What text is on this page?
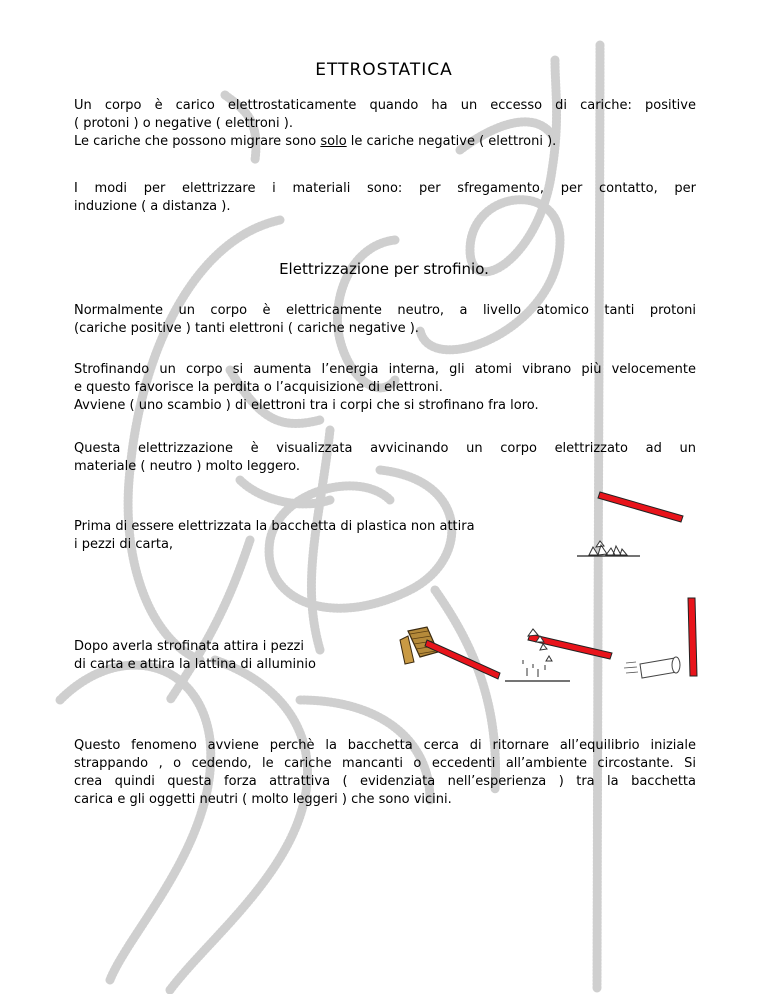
ETTROSTATICA

Un corpo è carico elettrostaticamente quando ha un eccesso di cariche: positive
( protoni ) o negative ( elettroni ).
Le cariche che possono migrare sono solo le cariche negative ( elettroni ).

I modi per elettrizzare i materiali sono: per sfregamento, per contatto, per
induzione ( a distanza ).

Elettrizzazione per strofinio.

Normalmente un corpo è elettricamente neutro, a livello atomico tanti protoni
(cariche positive ) tanti elettroni ( cariche negative ).

Strofinando un corpo si aumenta l’energia interna, gli atomi vibrano più velocemente
e questo favorisce la perdita o l’acquisizione di elettroni.
Avviene ( uno scambio ) di elettroni tra i corpi che si strofinano fra loro.

Questa elettrizzazione è visualizzata avvicinando un corpo elettrizzato ad un
materiale ( neutro ) molto leggero.

Prima di essere elettrizzata la bacchetta di plastica non attira
i pezzi di carta,

Dopo averla strofinata attira i pezzi
di carta e attira la lattina di alluminio

Questo fenomeno avviene perchè la bacchetta cerca di ritornare all’equilibrio iniziale
strappando , o cedendo, le cariche mancanti o eccedenti all’ambiente circostante. Si
crea quindi questa forza attrattiva ( evidenziata nell’esperienza ) tra la bacchetta
carica e gli oggetti neutri ( molto leggeri ) che sono vicini.
